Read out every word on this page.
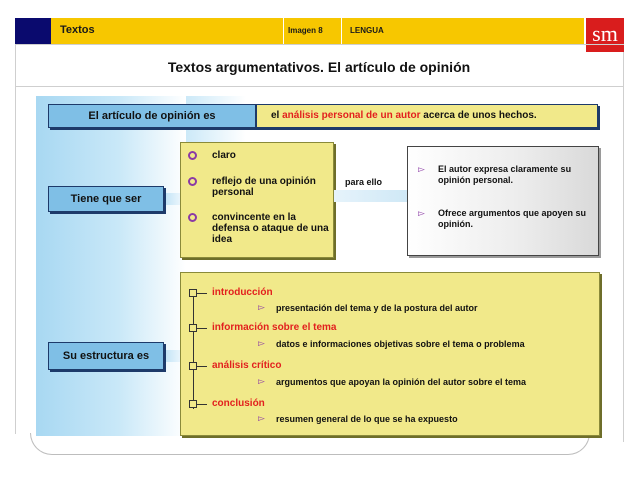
Textos	Imagen 8	LENGUA	sm
Textos argumentativos. El artículo de opinión
El artículo de opinión es	el análisis personal de un autor acerca de unos hechos.
Tiene que ser
claro
reflejo de una opinión personal
convincente en la defensa o ataque de una idea
para ello
▻ El autor expresa claramente su opinión personal.
▻ Ofrece argumentos que apoyen su opinión.
Su estructura es
introducción
▻ presentación del tema y de la postura del autor
información sobre el tema
▻ datos e informaciones objetivas sobre el tema o problema
análisis crítico
▻ argumentos que apoyan la opinión del autor sobre el tema
conclusión
▻ resumen general de lo que se ha expuesto
